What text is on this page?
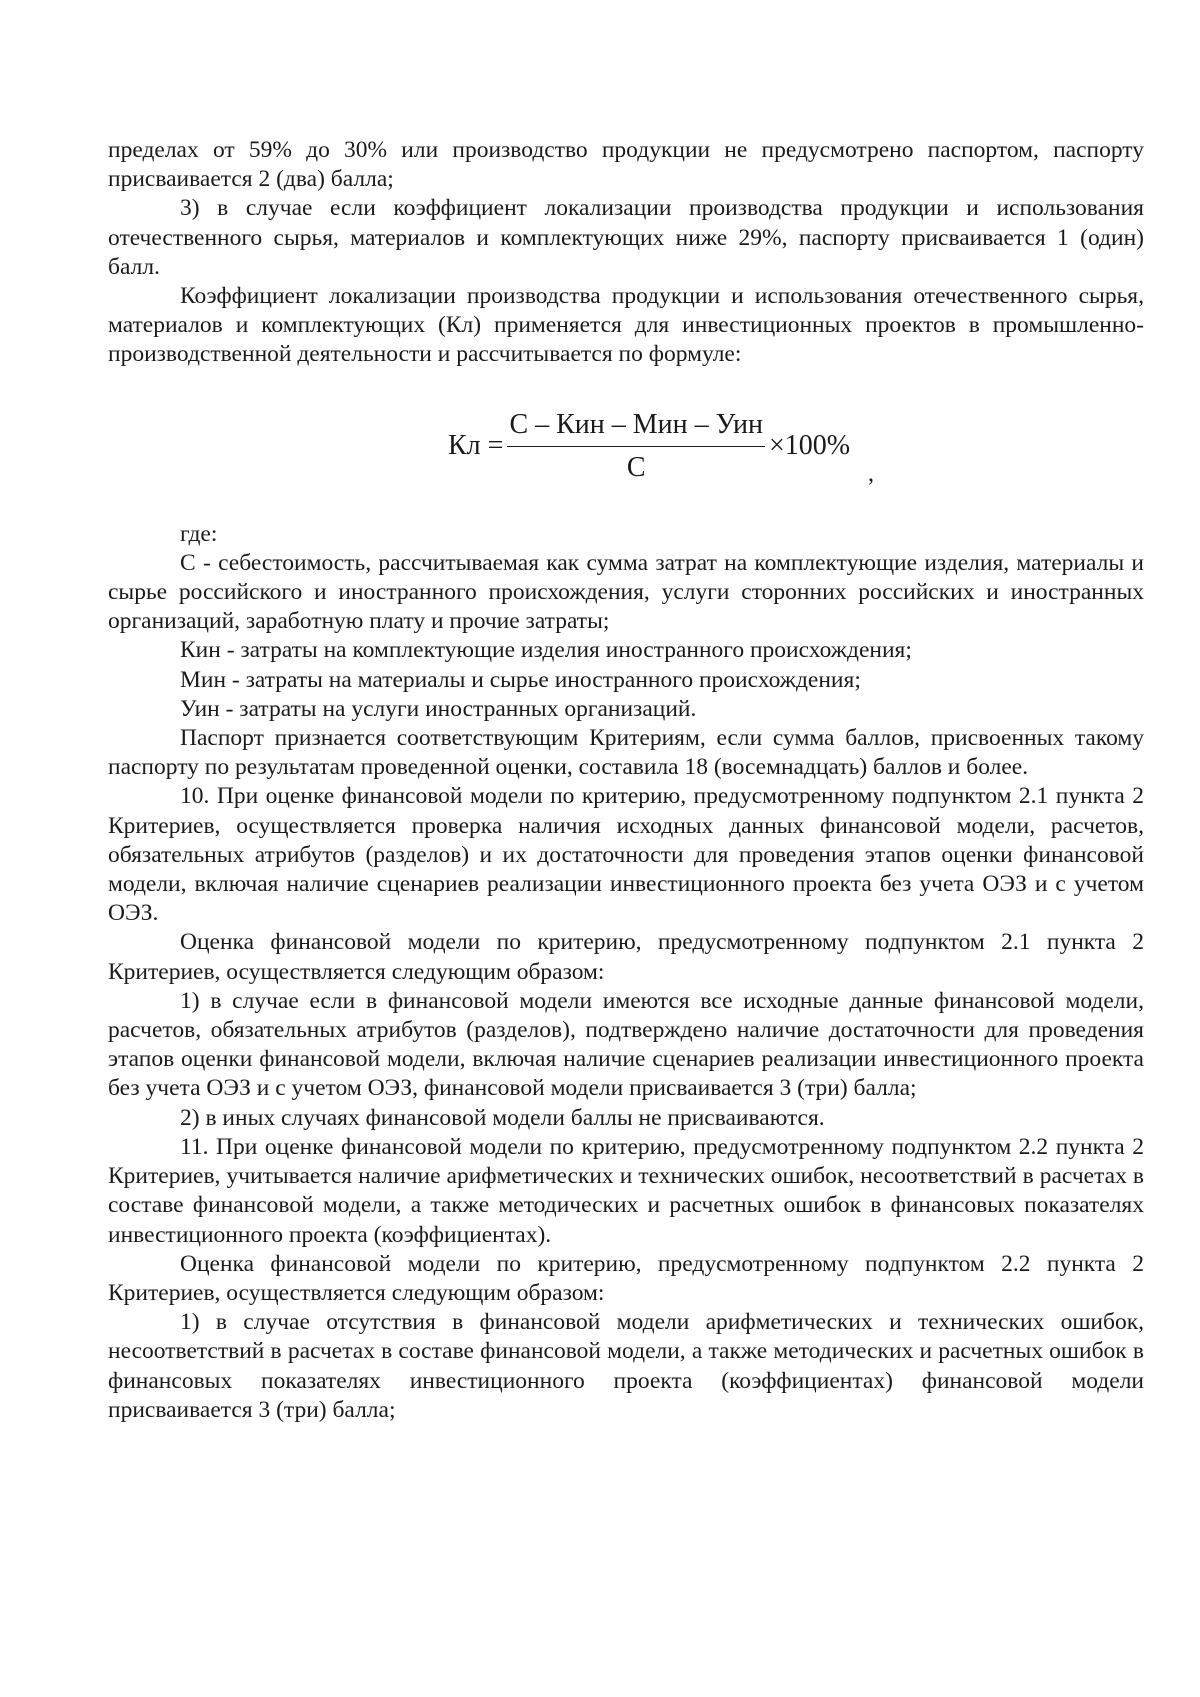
пределах от 59% до 30% или производство продукции не предусмотрено паспортом, паспорту присваивается 2 (два) балла;

3) в случае если коэффициент локализации производства продукции и использования отечественного сырья, материалов и комплектующих ниже 29%, паспорту присваивается 1 (один) балл.

Коэффициент локализации производства продукции и использования отечественного сырья, материалов и комплектующих (Кл) применяется для инвестиционных проектов в промышленно-производственной деятельности и рассчитывается по формуле:

Кл = $\frac{\text{С – Кин – Мин – Уин}}{С} \times 100\%$
,

где:

С - себестоимость, рассчитываемая как сумма затрат на комплектующие изделия, материалы и сырье российского и иностранного происхождения, услуги сторонних российских и иностранных организаций, заработную плату и прочие затраты;

Кин - затраты на комплектующие изделия иностранного происхождения;

Мин - затраты на материалы и сырье иностранного происхождения;

Уин - затраты на услуги иностранных организаций.

Паспорт признается соответствующим Критериям, если сумма баллов, присвоенных такому паспорту по результатам проведенной оценки, составила 18 (восемнадцать) баллов и более.

10. При оценке финансовой модели по критерию, предусмотренному подпунктом 2.1 пункта 2 Критериев, осуществляется проверка наличия исходных данных финансовой модели, расчетов, обязательных атрибутов (разделов) и их достаточности для проведения этапов оценки финансовой модели, включая наличие сценариев реализации инвестиционного проекта без учета ОЭЗ и с учетом ОЭЗ.

Оценка финансовой модели по критерию, предусмотренному подпунктом 2.1 пункта 2 Критериев, осуществляется следующим образом:

1) в случае если в финансовой модели имеются все исходные данные финансовой модели, расчетов, обязательных атрибутов (разделов), подтверждено наличие достаточности для проведения этапов оценки финансовой модели, включая наличие сценариев реализации инвестиционного проекта без учета ОЭЗ и с учетом ОЭЗ, финансовой модели присваивается 3 (три) балла;

2) в иных случаях финансовой модели баллы не присваиваются.

11. При оценке финансовой модели по критерию, предусмотренному подпунктом 2.2 пункта 2 Критериев, учитывается наличие арифметических и технических ошибок, несоответствий в расчетах в составе финансовой модели, а также методических и расчетных ошибок в финансовых показателях инвестиционного проекта (коэффициентах).

Оценка финансовой модели по критерию, предусмотренному подпунктом 2.2 пункта 2 Критериев, осуществляется следующим образом:

1) в случае отсутствия в финансовой модели арифметических и технических ошибок, несоответствий в расчетах в составе финансовой модели, а также методических и расчетных ошибок в финансовых показателях инвестиционного проекта (коэффициентах) финансовой модели присваивается 3 (три) балла;
